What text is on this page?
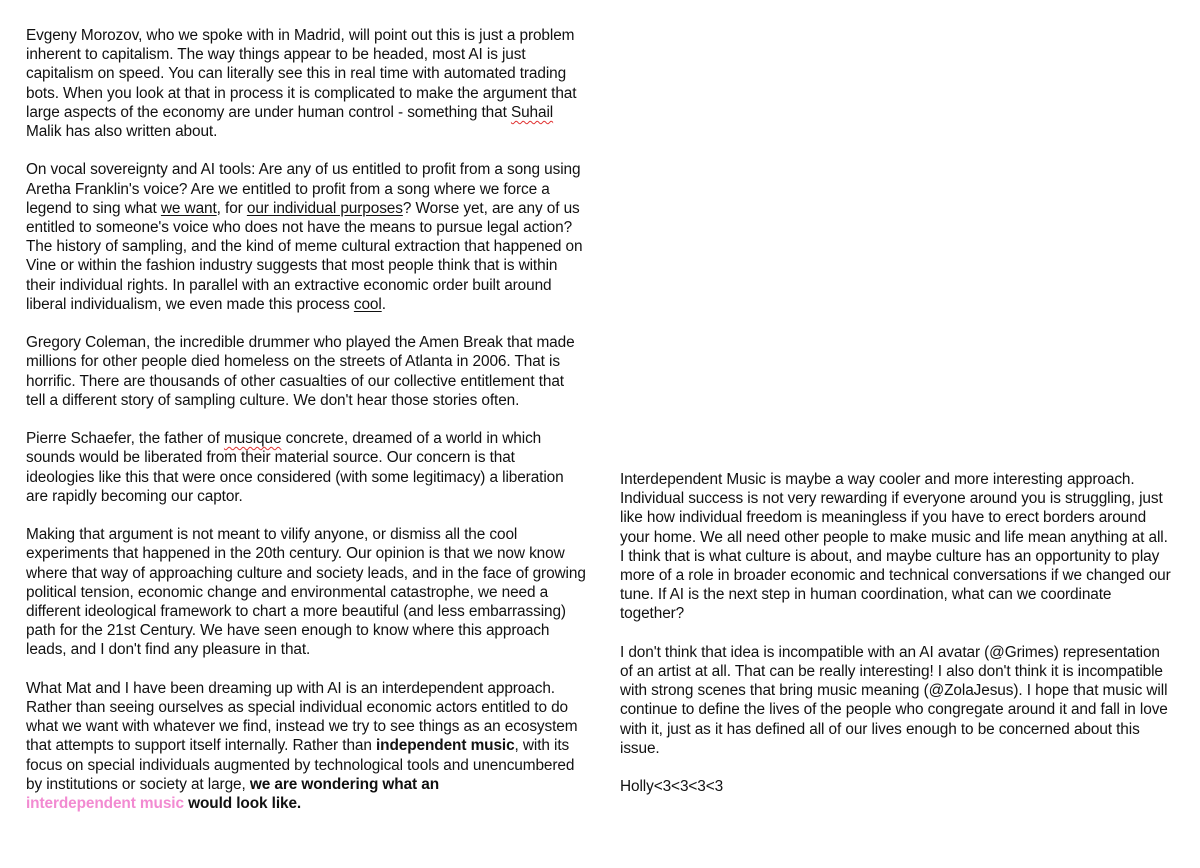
Evgeny Morozov, who we spoke with in Madrid, will point out this is just a problem inherent to capitalism. The way things appear to be headed, most AI is just capitalism on speed. You can literally see this in real time with automated trading bots. When you look at that in process it is complicated to make the argument that large aspects of the economy are under human control - something that Suhail Malik has also written about.

On vocal sovereignty and AI tools: Are any of us entitled to profit from a song using Aretha Franklin's voice? Are we entitled to profit from a song where we force a legend to sing what we want, for our individual purposes? Worse yet, are any of us entitled to someone's voice who does not have the means to pursue legal action? The history of sampling, and the kind of meme cultural extraction that happened on Vine or within the fashion industry suggests that most people think that is within their individual rights. In parallel with an extractive economic order built around liberal individualism, we even made this process cool.

Gregory Coleman, the incredible drummer who played the Amen Break that made millions for other people died homeless on the streets of Atlanta in 2006. That is horrific. There are thousands of other casualties of our collective entitlement that tell a different story of sampling culture. We don't hear those stories often.

Pierre Schaefer, the father of musique concrete, dreamed of a world in which sounds would be liberated from their material source. Our concern is that ideologies like this that were once considered (with some legitimacy) a liberation are rapidly becoming our captor.

Making that argument is not meant to vilify anyone, or dismiss all the cool experiments that happened in the 20th century. Our opinion is that we now know where that way of approaching culture and society leads, and in the face of growing political tension, economic change and environmental catastrophe, we need a different ideological framework to chart a more beautiful (and less embarrassing) path for the 21st Century. We have seen enough to know where this approach leads, and I don't find any pleasure in that.

What Mat and I have been dreaming up with AI is an interdependent approach. Rather than seeing ourselves as special individual economic actors entitled to do what we want with whatever we find, instead we try to see things as an ecosystem that attempts to support itself internally. Rather than independent music, with its focus on special individuals augmented by technological tools and unencumbered by institutions or society at large, we are wondering what an
interdependent music would look like.

Interdependent Music is maybe a way cooler and more interesting approach. Individual success is not very rewarding if everyone around you is struggling, just like how individual freedom is meaningless if you have to erect borders around your home. We all need other people to make music and life mean anything at all. I think that is what culture is about, and maybe culture has an opportunity to play more of a role in broader economic and technical conversations if we changed our tune. If AI is the next step in human coordination, what can we coordinate together?

I don't think that idea is incompatible with an AI avatar (@Grimes) representation of an artist at all. That can be really interesting! I also don't think it is incompatible with strong scenes that bring music meaning (@ZolaJesus). I hope that music will continue to define the lives of the people who congregate around it and fall in love with it, just as it has defined all of our lives enough to be concerned about this issue.

Holly<3<3<3<3
